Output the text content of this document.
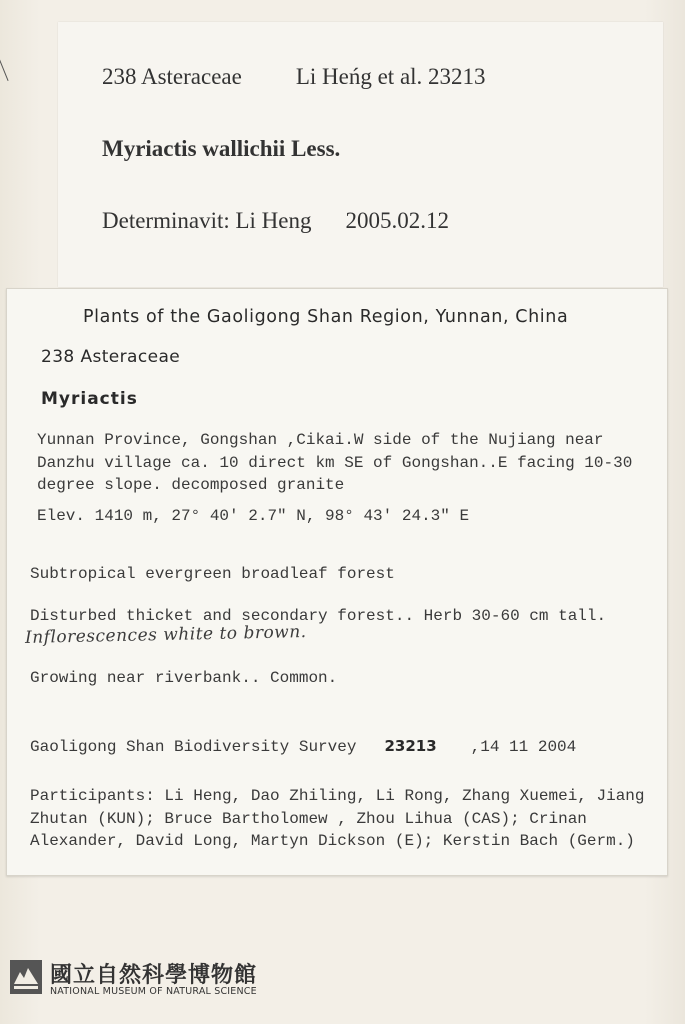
238 Asteraceae Li Heńg et al. 23213
Myriactis wallichii Less.
Determinavit: Li Heng 2005.02.12
Plants of the Gaoligong Shan Region, Yunnan, China
238 Asteraceae
Myriactis
Yunnan Province, Gongshan ,Cikai.W side of the Nujiang near
Danzhu village ca. 10 direct km SE of Gongshan..E facing 10-30
degree slope. decomposed granite
Elev. 1410 m, 27° 40′ 2.7″ N, 98° 43′ 24.3″ E
Subtropical evergreen broadleaf forest
Disturbed thicket and secondary forest.. Herb 30-60 cm tall.
Inflorescences white to brown.
Growing near riverbank.. Common.
Gaoligong Shan Biodiversity Survey 23213 ,14 11 2004
Participants: Li Heng, Dao Zhiling, Li Rong, Zhang Xuemei, Jiang
Zhutan (KUN); Bruce Bartholomew , Zhou Lihua (CAS); Crinan
Alexander, David Long, Martyn Dickson (E); Kerstin Bach (Germ.)
國立自然科學博物館
NATIONAL MUSEUM OF NATURAL SCIENCE
